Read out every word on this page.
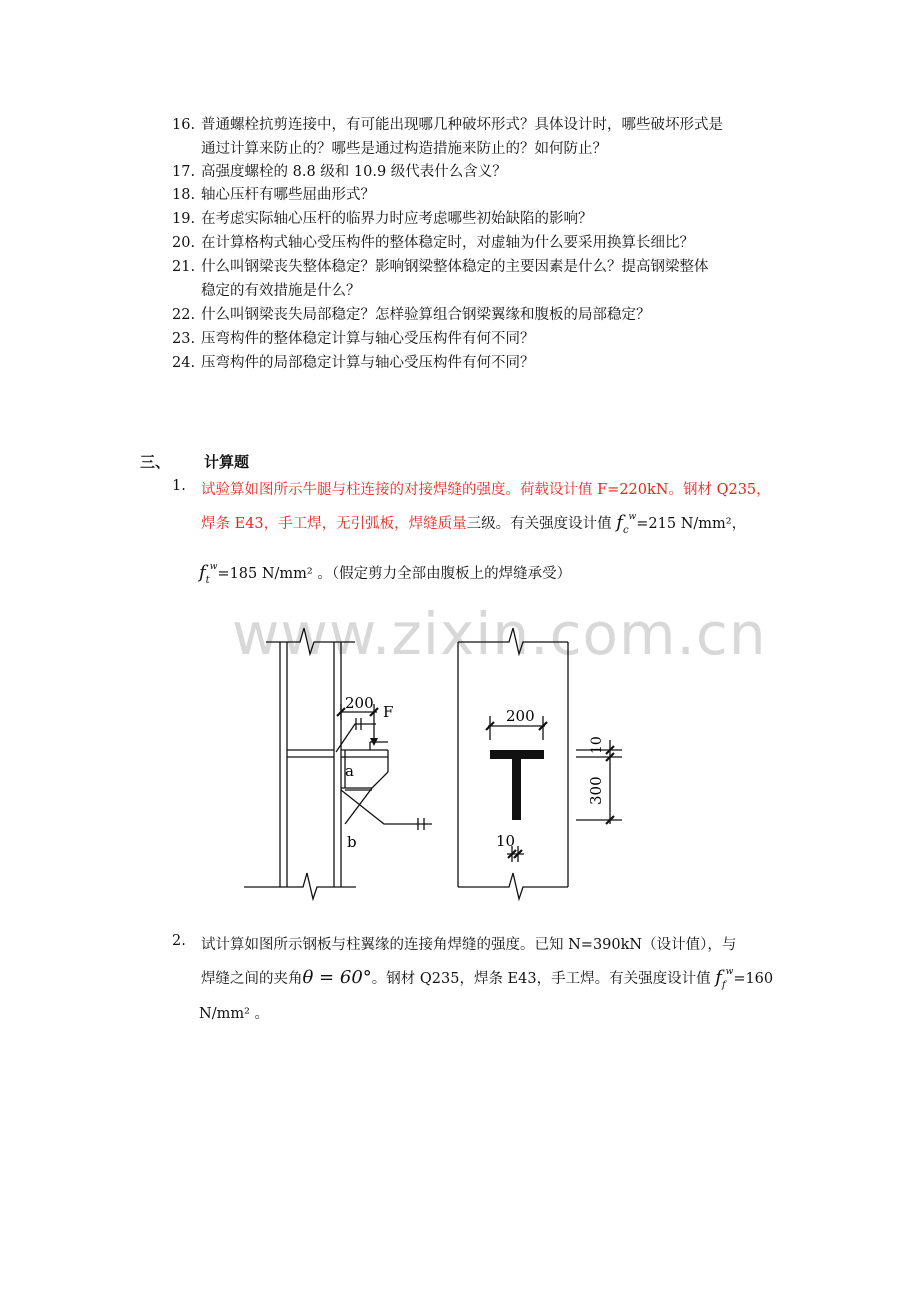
16. 普通螺栓抗剪连接中，有可能出现哪几种破坏形式？具体设计时，哪些破坏形式是
通过计算来防止的？哪些是通过构造措施来防止的？如何防止？
17. 高强度螺栓的 8.8 级和 10.9 级代表什么含义？
18. 轴心压杆有哪些屈曲形式？
19. 在考虑实际轴心压杆的临界力时应考虑哪些初始缺陷的影响？
20. 在计算格构式轴心受压构件的整体稳定时，对虚轴为什么要采用换算长细比？
21. 什么叫钢梁丧失整体稳定？影响钢梁整体稳定的主要因素是什么？提高钢梁整体
稳定的有效措施是什么？
22. 什么叫钢梁丧失局部稳定？怎样验算组合钢梁翼缘和腹板的局部稳定？
23. 压弯构件的整体稳定计算与轴心受压构件有何不同？
24. 压弯构件的局部稳定计算与轴心受压构件有何不同？
三、 计算题
1. 试验算如图所示牛腿与柱连接的对接焊缝的强度。荷载设计值 F=220kN。钢材 Q235，
焊条 E43，手工焊，无引弧板，焊缝质量三级。有关强度设计值 $f_c^w=215$ N/mm²，
$f_t^w=185$ N/mm² 。（假定剪力全部由腹板上的焊缝承受）
www.zixin.com.cn
200 F
a
b
200
10
10
300
2. 试计算如图所示钢板与柱翼缘的连接角焊缝的强度。已知 N=390kN（设计值），与
焊缝之间的夹角θ = 60°。钢材 Q235，焊条 E43，手工焊。有关强度设计值 $f_f^w=160$
N/mm² 。
